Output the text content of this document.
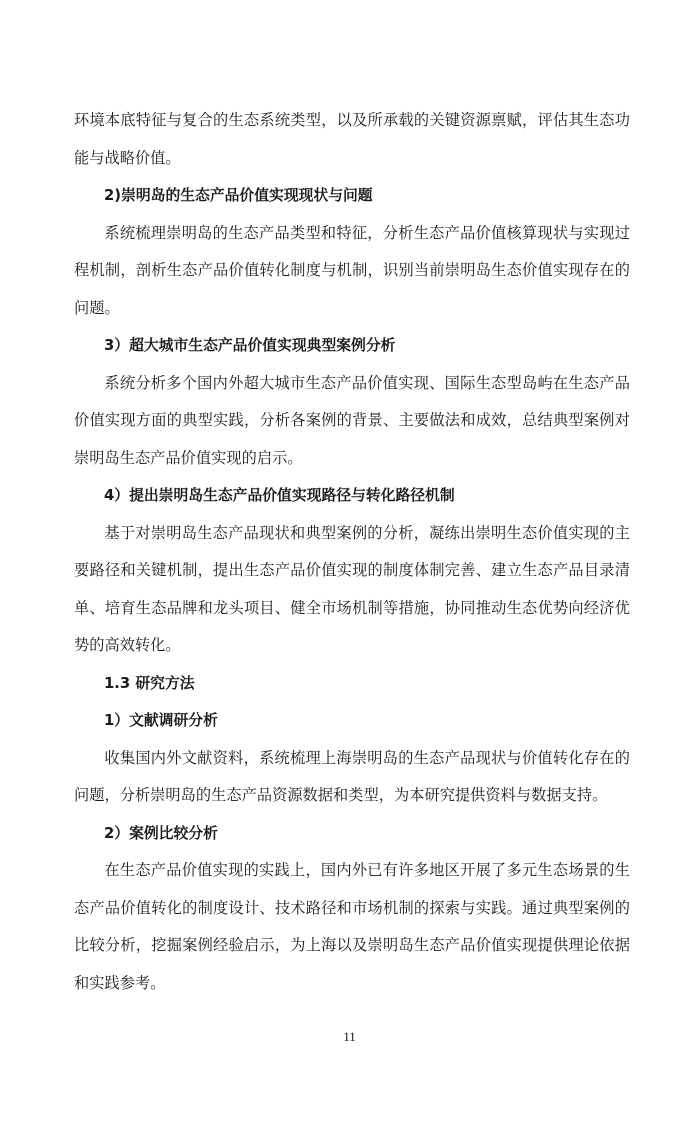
环境本底特征与复合的生态系统类型，以及所承载的关键资源禀赋，评估其生态功能与战略价值。

2)崇明岛的生态产品价值实现现状与问题

系统梳理崇明岛的生态产品类型和特征，分析生态产品价值核算现状与实现过程机制，剖析生态产品价值转化制度与机制，识别当前崇明岛生态价值实现存在的问题。

3）超大城市生态产品价值实现典型案例分析

系统分析多个国内外超大城市生态产品价值实现、国际生态型岛屿在生态产品价值实现方面的典型实践，分析各案例的背景、主要做法和成效，总结典型案例对崇明岛生态产品价值实现的启示。

4）提出崇明岛生态产品价值实现路径与转化路径机制

基于对崇明岛生态产品现状和典型案例的分析，凝练出崇明生态价值实现的主要路径和关键机制，提出生态产品价值实现的制度体制完善、建立生态产品目录清单、培育生态品牌和龙头项目、健全市场机制等措施，协同推动生态优势向经济优势的高效转化。

1.3 研究方法

1）文献调研分析

收集国内外文献资料，系统梳理上海崇明岛的生态产品现状与价值转化存在的问题，分析崇明岛的生态产品资源数据和类型，为本研究提供资料与数据支持。

2）案例比较分析

在生态产品价值实现的实践上，国内外已有许多地区开展了多元生态场景的生态产品价值转化的制度设计、技术路径和市场机制的探索与实践。通过典型案例的比较分析，挖掘案例经验启示，为上海以及崇明岛生态产品价值实现提供理论依据和实践参考。

11
